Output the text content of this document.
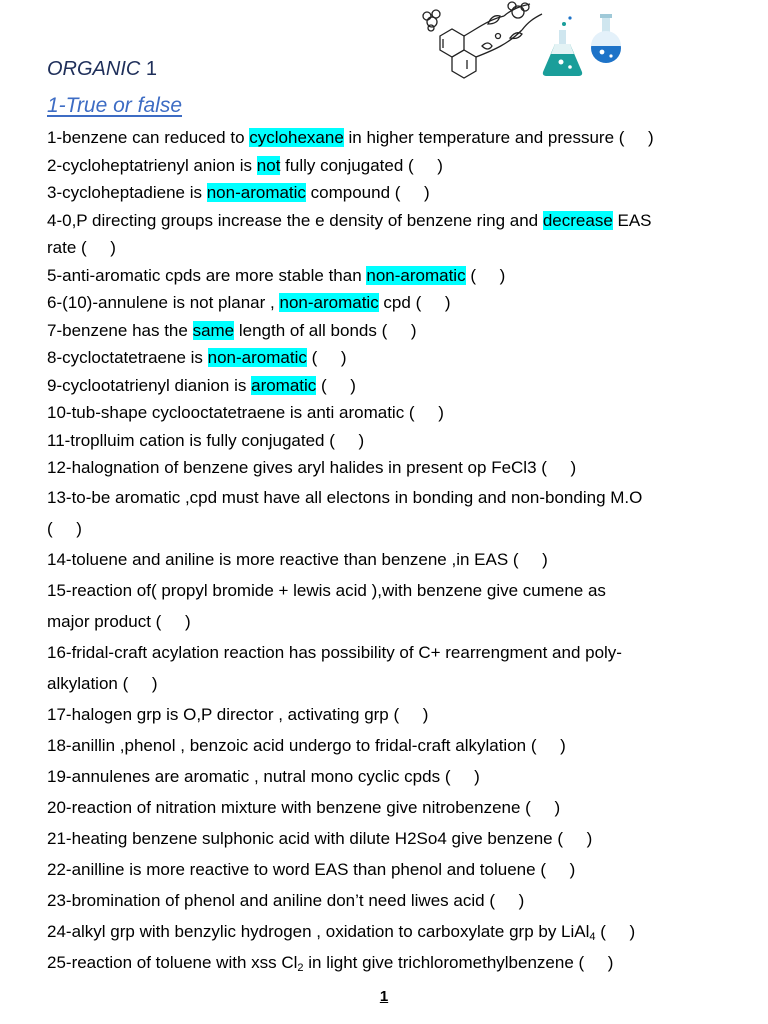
ORGANIC 1
1-True or false
1-benzene can reduced to cyclohexane in higher temperature and pressure (     )
2-cycloheptatrienyl anion is not fully conjugated (     )
3-cycloheptadiene is non-aromatic compound (     )
4-0,P directing groups increase the e density of benzene ring and decrease EAS
rate (     )
5-anti-aromatic cpds are more stable than non-aromatic (     )
6-(10)-annulene is not planar , non-aromatic cpd (     )
7-benzene has the same length of all bonds (     )
8-cycloctatetraene is non-aromatic (     )
9-cyclootatrienyl dianion is aromatic (     )
10-tub-shape cyclooctatetraene is anti aromatic (     )
11-troplluim cation is fully conjugated (     )
12-halognation of benzene gives aryl halides in present op FeCl3 (     )
13-to-be aromatic ,cpd must have all electons in bonding and non-bonding M.O
(     )
14-toluene and aniline is more reactive than benzene ,in EAS (     )
15-reaction of( propyl bromide + lewis acid ),with benzene give cumene as
major product (     )
16-fridal-craft acylation reaction has possibility of C+ rearrengment and poly-
alkylation (     )
17-halogen grp is O,P director , activating grp (     )
18-anillin ,phenol , benzoic acid undergo to fridal-craft alkylation (     )
19-annulenes are aromatic , nutral mono cyclic cpds (     )
20-reaction of nitration mixture with benzene give nitrobenzene (     )
21-heating benzene sulphonic acid with dilute H2So4 give benzene (     )
22-anilline is more reactive to word EAS than phenol and toluene (     )
23-bromination of phenol and aniline don’t need liwes acid (     )
24-alkyl grp with benzylic hydrogen , oxidation to carboxylate grp by LiAl$_4$ (     )
25-reaction of toluene with xss $Cl_2$ in light give trichloromethylbenzene (     )
1
